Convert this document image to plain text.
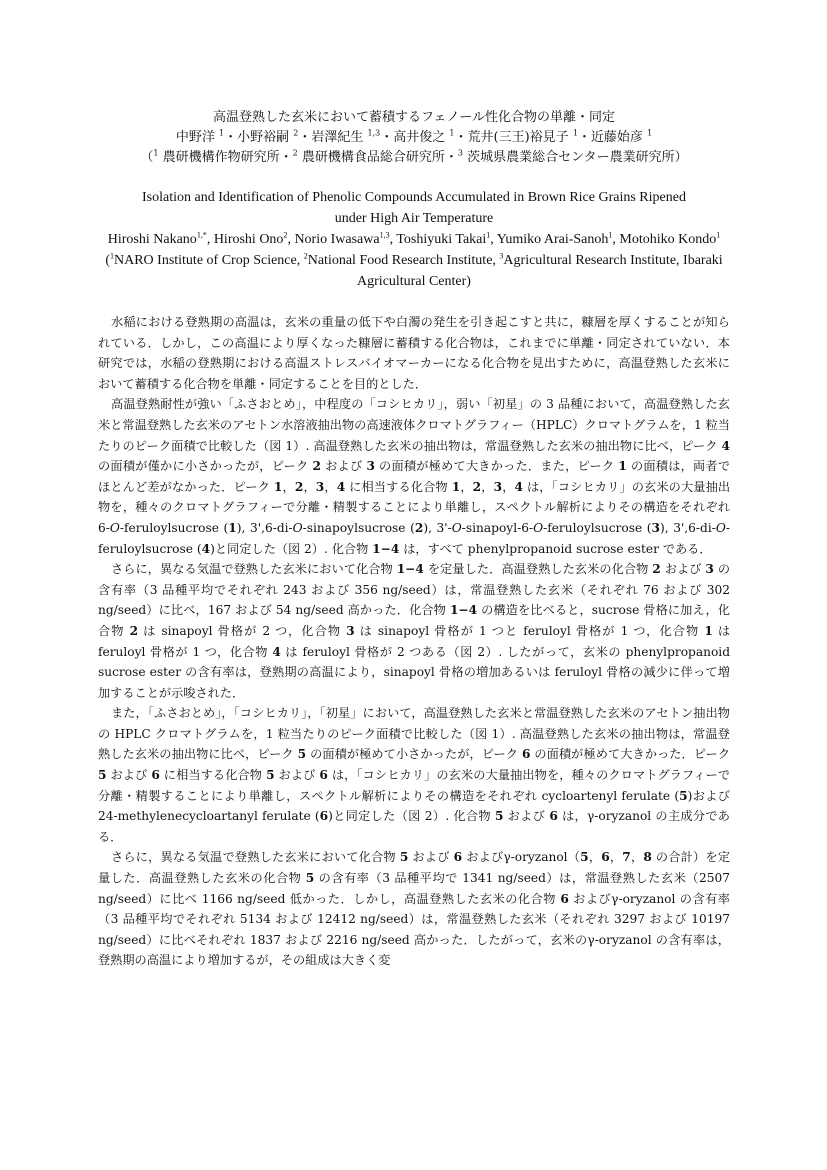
高温登熟した玄米において蓄積するフェノール性化合物の単離・同定
中野洋 $^1$・小野裕嗣 $^2$・岩澤紀生 $^{1,3}$・高井俊之 $^1$・荒井(三王)裕見子 $^1$・近藤始彦 $^1$
（$^1$ 農研機構作物研究所・$^2$ 農研機構食品総合研究所・$^3$ 茨城県農業総合センター農業研究所）
Isolation and Identification of Phenolic Compounds Accumulated in Brown Rice Grains Ripened
under High Air Temperature
Hiroshi Nakano$^{1,*}$, Hiroshi Ono$^2$, Norio Iwasawa$^{1,3}$, Toshiyuki Takai$^1$, Yumiko Arai-Sanoh$^1$, Motohiko Kondo$^1$
($^1$NARO Institute of Crop Science, $^2$National Food Research Institute, $^3$Agricultural Research Institute, Ibaraki Agricultural Center)

水稲における登熟期の高温は，玄米の重量の低下や白濁の発生を引き起こすと共に，糠層を厚くすることが知られている．しかし，この高温により厚くなった糠層に蓄積する化合物は，これまでに単離・同定されていない．本研究では，水稲の登熟期における高温ストレスバイオマーカーになる化合物を見出すために，高温登熟した玄米において蓄積する化合物を単離・同定することを目的とした．

高温登熟耐性が強い「ふさおとめ」，中程度の「コシヒカリ」，弱い「初星」の 3 品種において，高温登熟した玄米と常温登熟した玄米のアセトン水溶液抽出物の高速液体クロマトグラフィー（HPLC）クロマトグラムを，1 粒当たりのピーク面積で比較した（図 1）. 高温登熟した玄米の抽出物は，常温登熟した玄米の抽出物に比べ，ピーク 4 の面積が僅かに小さかったが，ピーク 2 および 3 の面積が極めて大きかった．また，ピーク 1 の面積は，両者でほとんど差がなかった．ピーク 1，2，3，4 に相当する化合物 1，2，3，4 は，「コシヒカリ」の玄米の大量抽出物を，種々のクロマトグラフィーで分離・精製することにより単離し，スペクトル解析によりその構造をそれぞれ 6-O-feruloylsucrose (1), 3',6-di-O-sinapoylsucrose (2), 3'-O-sinapoyl-6-O-feruloylsucrose (3), 3',6-di-O-feruloylsucrose (4)と同定した（図 2）. 化合物 1−4 は，すべて phenylpropanoid sucrose ester である．

さらに，異なる気温で登熟した玄米において化合物 1−4 を定量した．高温登熟した玄米の化合物 2 および 3 の含有率（3 品種平均でそれぞれ 243 および 356 ng/seed）は，常温登熟した玄米（それぞれ 76 および 302 ng/seed）に比べ，167 および 54 ng/seed 高かった．化合物 1−4 の構造を比べると，sucrose 骨格に加え，化合物 2 は sinapoyl 骨格が 2 つ，化合物 3 は sinapoyl 骨格が 1 つと feruloyl 骨格が 1 つ，化合物 1 は feruloyl 骨格が 1 つ，化合物 4 は feruloyl 骨格が 2 つある（図 2）. したがって，玄米の phenylpropanoid sucrose ester の含有率は，登熟期の高温により，sinapoyl 骨格の増加あるいは feruloyl 骨格の減少に伴って増加することが示唆された．

また，「ふさおとめ」，「コシヒカリ」，「初星」において，高温登熟した玄米と常温登熟した玄米のアセトン抽出物の HPLC クロマトグラムを，1 粒当たりのピーク面積で比較した（図 1）. 高温登熟した玄米の抽出物は，常温登熟した玄米の抽出物に比べ，ピーク 5 の面積が極めて小さかったが，ピーク 6 の面積が極めて大きかった．ピーク 5 および 6 に相当する化合物 5 および 6 は，「コシヒカリ」の玄米の大量抽出物を，種々のクロマトグラフィーで分離・精製することにより単離し，スペクトル解析によりその構造をそれぞれ cycloartenyl ferulate (5)および 24-methylenecycloartanyl ferulate (6)と同定した（図 2）. 化合物 5 および 6 は，γ-oryzanol の主成分である．

さらに，異なる気温で登熟した玄米において化合物 5 および 6 およびγ-oryzanol（5，6，7，8 の合計）を定量した．高温登熟した玄米の化合物 5 の含有率（3 品種平均で 1341 ng/seed）は，常温登熟した玄米（2507 ng/seed）に比べ 1166 ng/seed 低かった．しかし，高温登熟した玄米の化合物 6 およびγ-oryzanol の含有率（3 品種平均でそれぞれ 5134 および 12412 ng/seed）は，常温登熟した玄米（それぞれ 3297 および 10197 ng/seed）に比べそれぞれ 1837 および 2216 ng/seed 高かった．したがって，玄米のγ-oryzanol の含有率は，登熟期の高温により増加するが，その組成は大きく変
